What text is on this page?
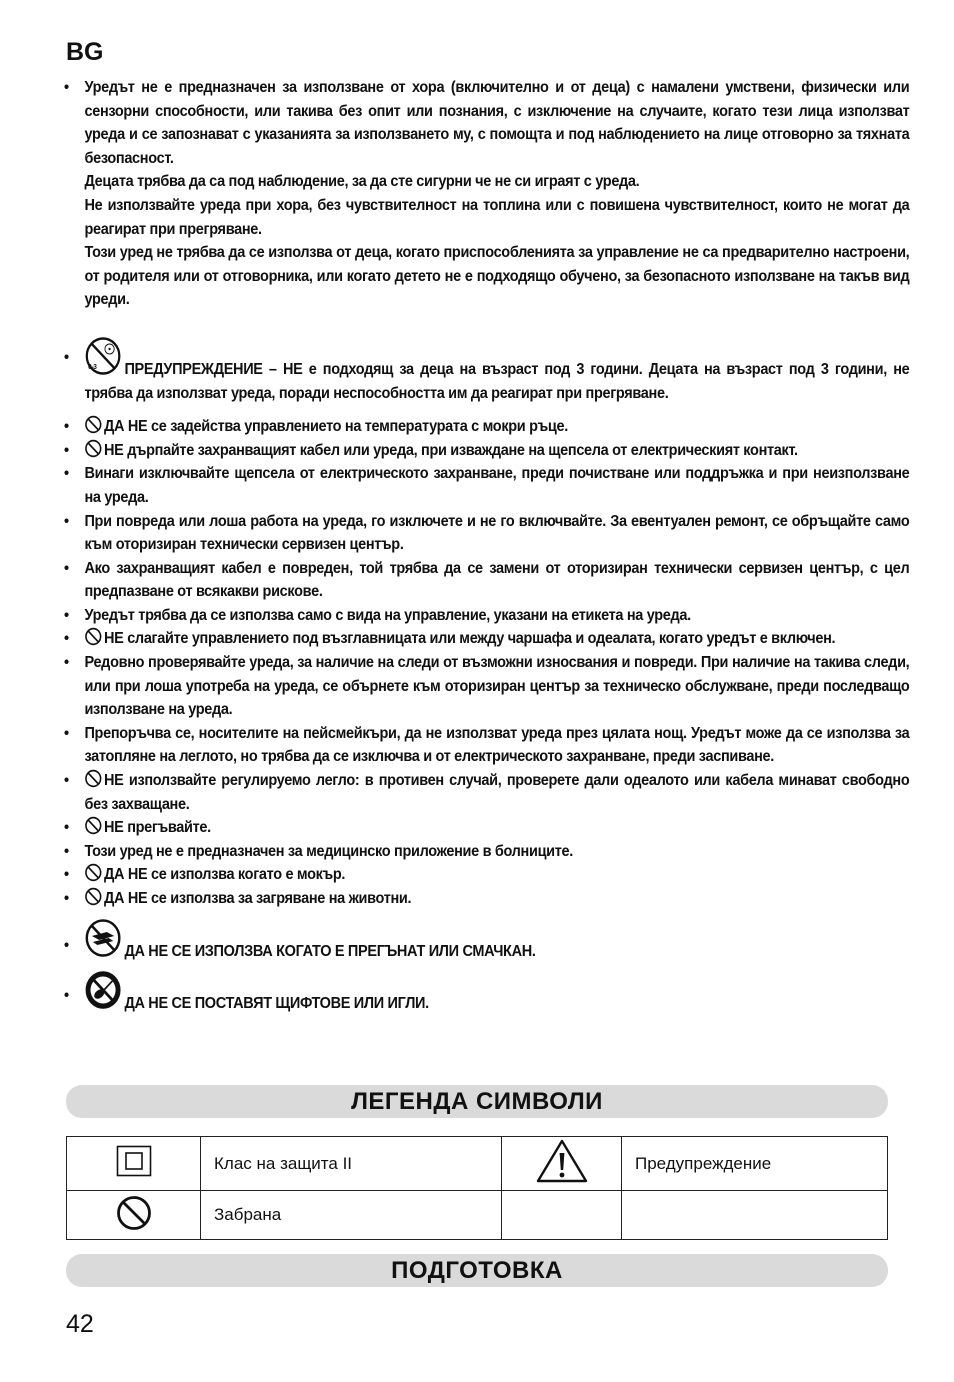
BG
•	Уредът не е предназначен за използване от хора (включително и от деца) с намалени умствени, физически или сензорни способности, или такива без опит или познания, с изключение на случаите, когато тези лица използват уреда и се запознават с указанията за използването му, с помощта и под наблюдението на лице отговорно за тяхната безопасност.

Децата трябва да са под наблюдение, за да сте сигурни че не си играят с уреда.

Не използвайте уреда при хора, без чувствителност на топлина или с повишена чувствителност, които не могат да реагират при прегряване.

Този уред не трябва да се използва от деца, когато приспособленията за управление не са предварително настроени, от родителя или от отговорника, или когато детето не е подходящо обучено, за безопасното използване на такъв вид уреди.

•
0-3 ПРЕДУПРЕЖДЕНИЕ – НЕ е подходящ за деца на възраст под 3 години. Децата на възраст под 3 години, не трябва да използват уреда, поради неспособността им да реагират при прегряване.
•	ДА НЕ се задейства управлението на температурата с мокри ръце.
•	НЕ дърпайте захранващият кабел или уреда, при изваждане на щепсела от електрическият контакт.
•	Винаги изключвайте щепсела от електрическото захранване, преди почистване или поддръжка и при неизползване на уреда.
•	При повреда или лоша работа на уреда, го изключете и не го включвайте. За евентуален ремонт, се обръщайте само към оторизиран технически сервизен център.
•	Ако захранващият кабел е повреден, той трябва да се замени от оторизиран технически сервизен център, с цел предпазване от всякакви рискове.
•	Уредът трябва да се използва само с вида на управление, указани на етикета на уреда.
•	НЕ слагайте управлението под възглавницата или между чаршафа и одеалата, когато уредът е включен.
•	Редовно проверявайте уреда, за наличие на следи от възможни износвания и повреди. При наличие на такива следи, или при лоша употреба на уреда, се обърнете към оторизиран център за техническо обслужване, преди последващо използване на уреда.
•	Препоръчва се, носителите на пейсмейкъри, да не използват уреда през цялата нощ. Уредът може да се използва за затопляне на леглото, но трябва да се изключва и от електрическото захранване, преди заспиване.
•	НЕ използвайте регулируемо легло: в противен случай, проверете дали одеалото или кабела минават свободно без захващане.
•	НЕ прегъвайте.
•	Този уред не е предназначен за медицинско приложение в болниците.
•	ДА НЕ се използва когато е мокър.
•	ДА НЕ се използва за загряване на животни.
•	ДА НЕ СЕ ИЗПОЛЗВА КОГАТО Е ПРЕГЪНАТ ИЛИ СМАЧКАН.
•	ДА НЕ СЕ ПОСТАВЯТ ЩИФТОВЕ ИЛИ ИГЛИ.
ЛЕГЕНДА СИМВОЛИ
	Клас на защита II		Предупреждение
	Забрана		
ПОДГОТОВКА
42
